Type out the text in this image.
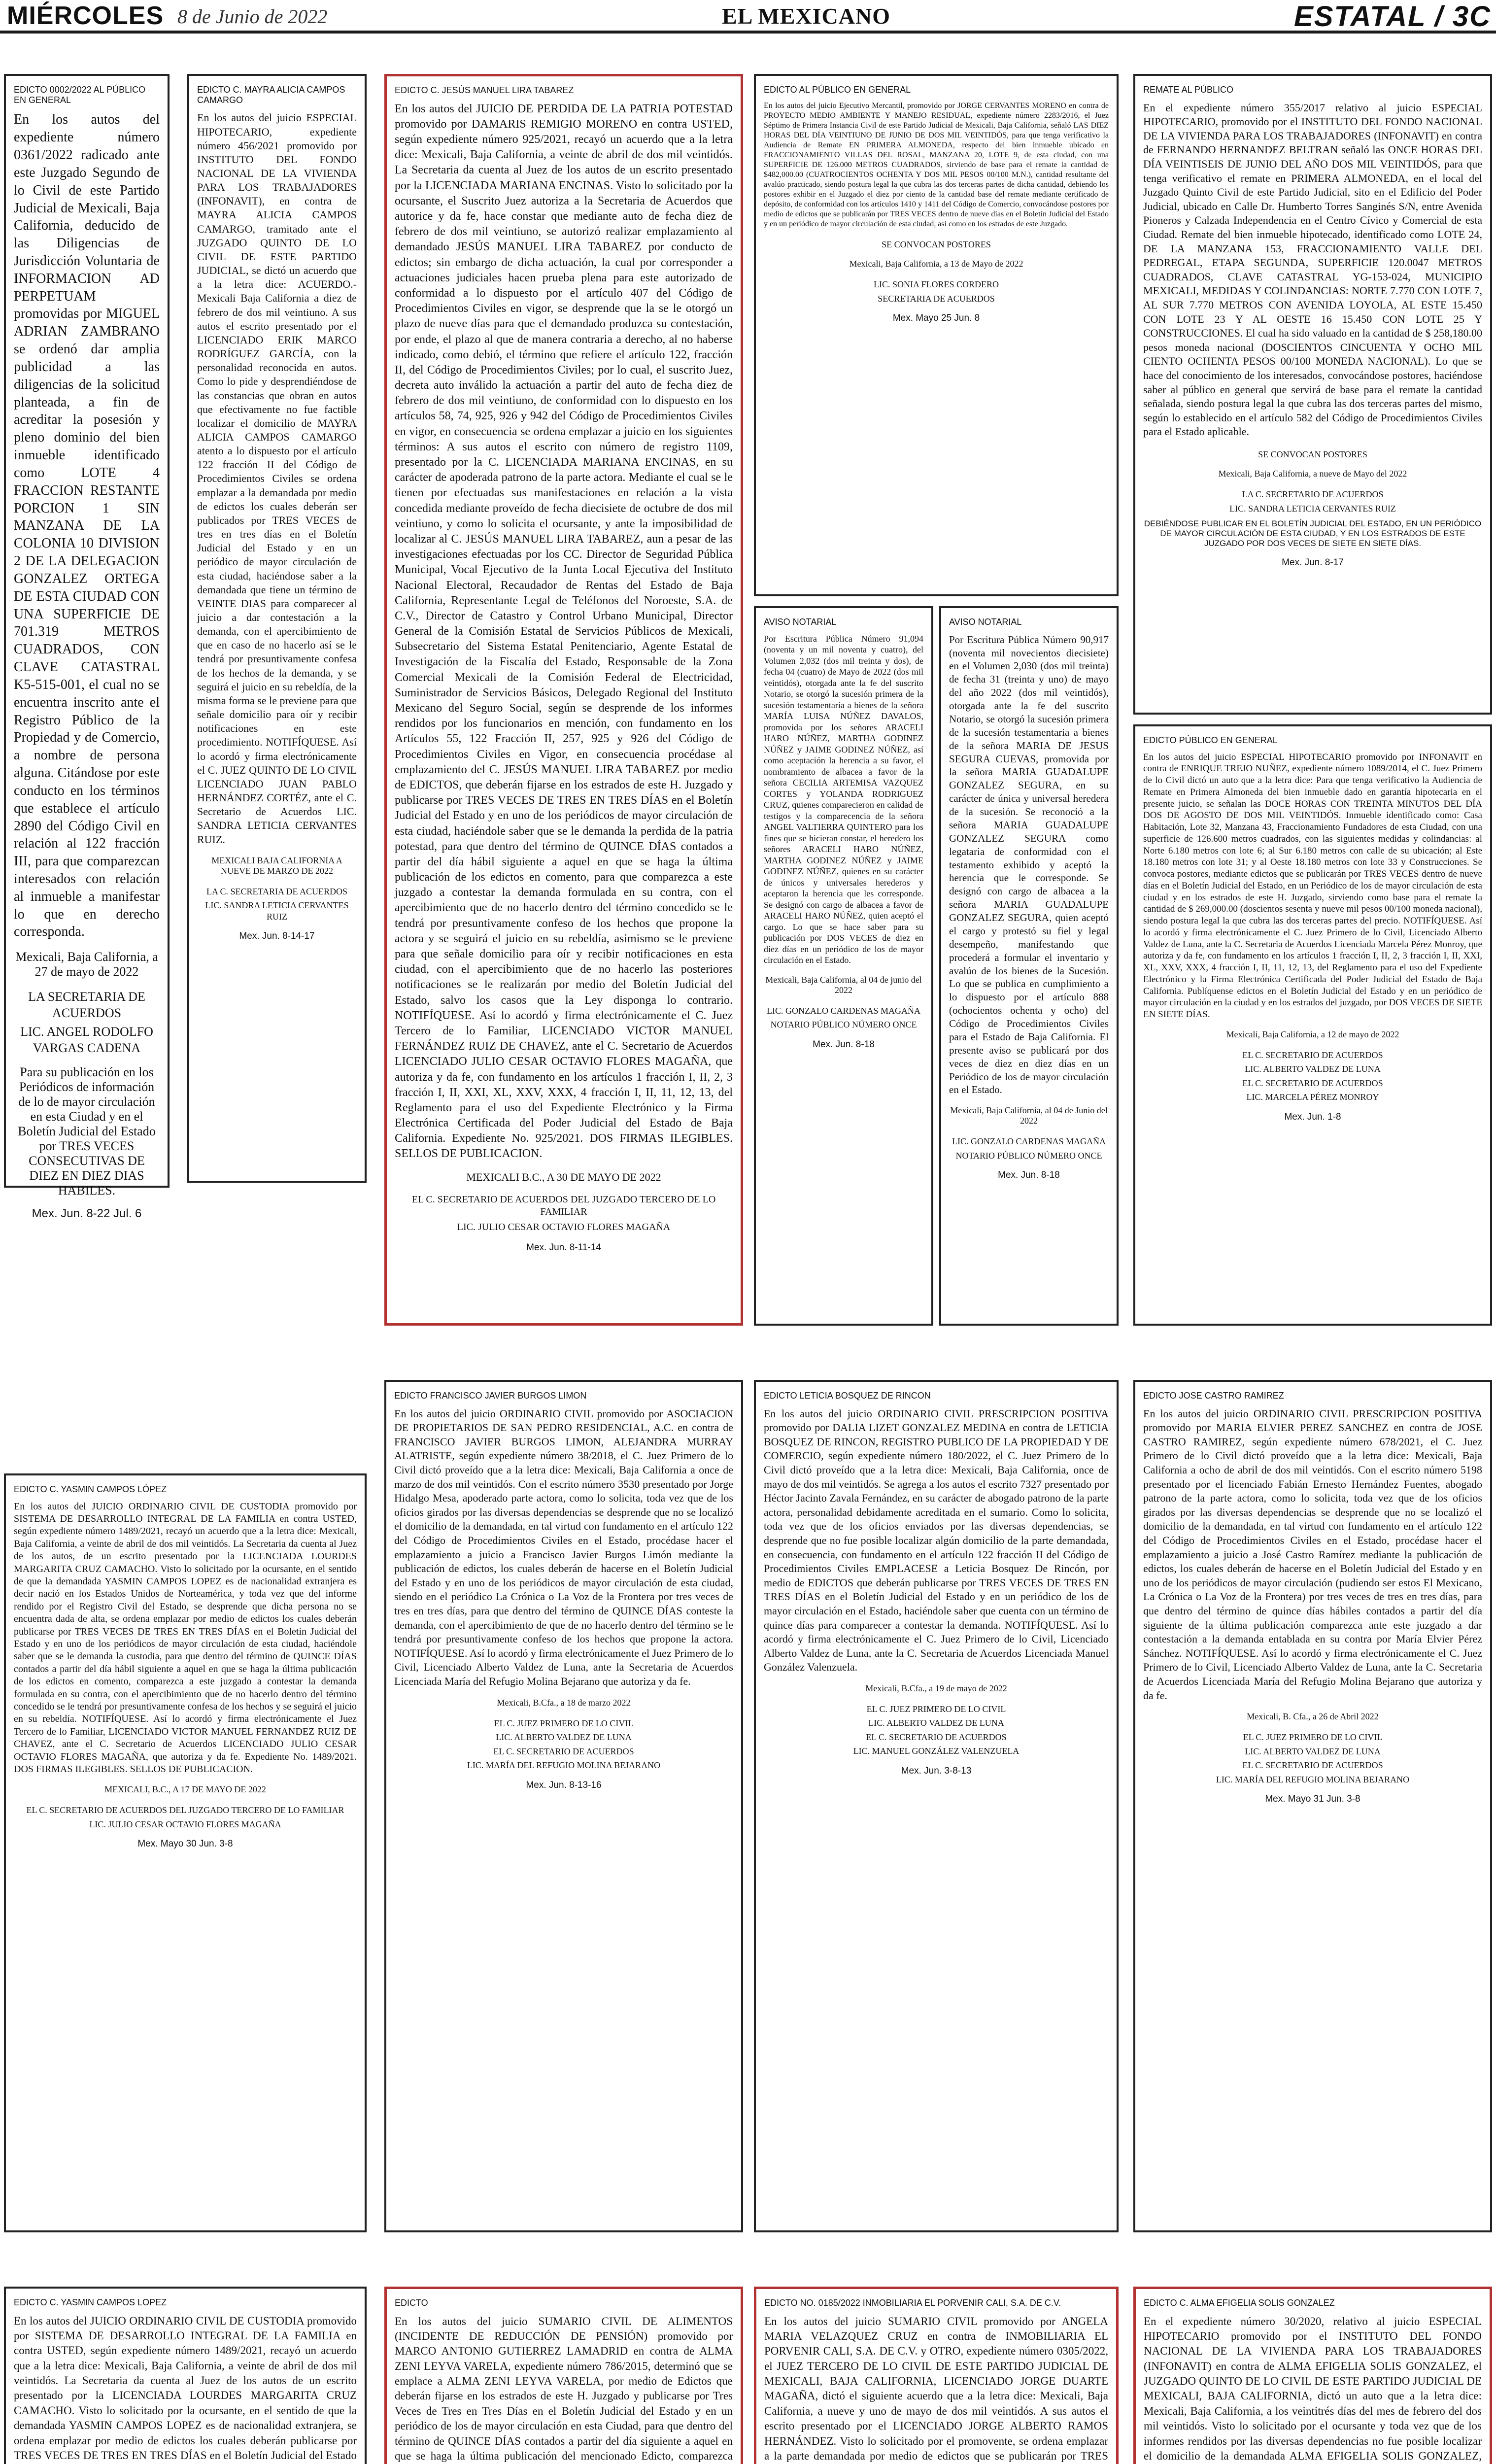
MIÉRCOLES 8 de Junio de 2022	EL MEXICANO	ESTATAL / 3C
EDICTO 0002/2022 AL PÚBLICO EN GENERAL
En los autos del expediente número 0361/2022 radicado ante este Juzgado Segundo de lo Civil de este Partido Judicial de Mexicali, Baja California, deducido de las Diligencias de Jurisdicción Voluntaria de INFORMACION AD PERPETUAM promovidas por MIGUEL ADRIAN ZAMBRANO se ordenó dar amplia publicidad a las diligencias de la solicitud planteada, a fin de acreditar la posesión y pleno dominio del bien inmueble identificado como LOTE 4 FRACCION RESTANTE PORCION 1 SIN MANZANA DE LA COLONIA 10 DIVISION 2 DE LA DELEGACION GONZALEZ ORTEGA DE ESTA CIUDAD CON UNA SUPERFICIE DE 701.319 METROS CUADRADOS, CON CLAVE CATASTRAL K5-515-001, el cual no se encuentra inscrito ante el Registro Público de la Propiedad y de Comercio, a nombre de persona alguna. Citándose por este conducto en los términos que establece el artículo 2890 del Código Civil en relación al 122 fracción III, para que comparezcan interesados con relación al inmueble a manifestar lo que en derecho corresponda.
Mexicali, Baja California, a 27 de mayo de 2022

LA SECRETARIA DE ACUERDOS

LIC. ANGEL RODOLFO VARGAS CADENA

Para su publicación en los Periódicos de información de lo de mayor circulación en esta Ciudad y en el Boletín Judicial del Estado por TRES VECES CONSECUTIVAS DE DIEZ EN DIEZ DIAS HABILES.
Mex. Jun. 8-22 Jul. 6
EDICTO C. MAYRA ALICIA CAMPOS CAMARGO
En los autos del juicio ESPECIAL HIPOTECARIO, expediente número 456/2021 promovido por INSTITUTO DEL FONDO NACIONAL DE LA VIVIENDA PARA LOS TRABAJADORES (INFONAVIT), en contra de MAYRA ALICIA CAMPOS CAMARGO, tramitado ante el JUZGADO QUINTO DE LO CIVIL DE ESTE PARTIDO JUDICIAL, se dictó un acuerdo que a la letra dice: ACUERDO.- Mexicali Baja California a diez de febrero de dos mil veintiuno. A sus autos el escrito presentado por el LICENCIADO ERIK MARCO RODRÍGUEZ GARCÍA, con la personalidad reconocida en autos. Como lo pide y desprendiéndose de las constancias que obran en autos que efectivamente no fue factible localizar el domicilio de MAYRA ALICIA CAMPOS CAMARGO atento a lo dispuesto por el artículo 122 fracción II del Código de Procedimientos Civiles se ordena emplazar a la demandada por medio de edictos los cuales deberán ser publicados por TRES VECES de tres en tres días en el Boletín Judicial del Estado y en un periódico de mayor circulación de esta ciudad, haciéndose saber a la demandada que tiene un término de VEINTE DIAS para comparecer al juicio a dar contestación a la demanda, con el apercibimiento de que en caso de no hacerlo así se le tendrá por presuntivamente confesa de los hechos de la demanda, y se seguirá el juicio en su rebeldía, de la misma forma se le previene para que señale domicilio para oír y recibir notificaciones en este procedimiento. NOTIFÍQUESE. Así lo acordó y firma electrónicamente el C. JUEZ QUINTO DE LO CIVIL LICENCIADO JUAN PABLO HERNÁNDEZ CORTÉZ, ante el C. Secretario de Acuerdos LIC. SANDRA LETICIA CERVANTES RUIZ.
MEXICALI BAJA CALIFORNIA A NUEVE DE MARZO DE 2022

LA C. SECRETARIA DE ACUERDOS

LIC. SANDRA LETICIA CERVANTES RUIZ

Mex. Jun. 8-14-17
EDICTO C. JESÚS MANUEL LIRA TABAREZ
En los autos del JUICIO DE PERDIDA DE LA PATRIA POTESTAD promovido por DAMARIS REMIGIO MORENO en contra USTED, según expediente número 925/2021, recayó un acuerdo que a la letra dice: Mexicali, Baja California, a veinte de abril de dos mil veintidós. La Secretaria da cuenta al Juez de los autos de un escrito presentado por la LICENCIADA MARIANA ENCINAS. Visto lo solicitado por la ocursante, el Suscrito Juez autoriza a la Secretaria de Acuerdos que autorice y da fe, hace constar que mediante auto de fecha diez de febrero de dos mil veintiuno, se autorizó realizar emplazamiento al demandado JESÚS MANUEL LIRA TABAREZ por conducto de edictos; sin embargo de dicha actuación, la cual por corresponder a actuaciones judiciales hacen prueba plena para este autorizado de conformidad a lo dispuesto por el artículo 407 del Código de Procedimientos Civiles en vigor, se desprende que la se le otorgó un plazo de nueve días para que el demandado produzca su contestación, por ende, el plazo al que de manera contraria a derecho, al no haberse indicado, como debió, el término que refiere el artículo 122, fracción II, del Código de Procedimientos Civiles; por lo cual, el suscrito Juez, decreta auto inválido la actuación a partir del auto de fecha diez de febrero de dos mil veintiuno, de conformidad con lo dispuesto en los artículos 58, 74, 925, 926 y 942 del Código de Procedimientos Civiles en vigor, en consecuencia se ordena emplazar a juicio en los siguientes términos: A sus autos el escrito con número de registro 1109, presentado por la C. LICENCIADA MARIANA ENCINAS, en su carácter de apoderada patrono de la parte actora. Mediante el cual se le tienen por efectuadas sus manifestaciones en relación a la vista concedida mediante proveído de fecha diecisiete de octubre de dos mil veintiuno, y como lo solicita el ocursante, y ante la imposibilidad de localizar al C. JESÚS MANUEL LIRA TABAREZ, aun a pesar de las investigaciones efectuadas por los CC. Director de Seguridad Pública Municipal, Vocal Ejecutivo de la Junta Local Ejecutiva del Instituto Nacional Electoral, Recaudador de Rentas del Estado de Baja California, Representante Legal de Teléfonos del Noroeste, S.A. de C.V., Director de Catastro y Control Urbano Municipal, Director General de la Comisión Estatal de Servicios Públicos de Mexicali, Subsecretario del Sistema Estatal Penitenciario, Agente Estatal de Investigación de la Fiscalía del Estado, Responsable de la Zona Comercial Mexicali de la Comisión Federal de Electricidad, Suministrador de Servicios Básicos, Delegado Regional del Instituto Mexicano del Seguro Social, según se desprende de los informes rendidos por los funcionarios en mención, con fundamento en los Artículos 55, 122 Fracción II, 257, 925 y 926 del Código de Procedimientos Civiles en Vigor, en consecuencia procédase al emplazamiento del C. JESÚS MANUEL LIRA TABAREZ por medio de EDICTOS, que deberán fijarse en los estrados de este H. Juzgado y publicarse por TRES VECES DE TRES EN TRES DÍAS en el Boletín Judicial del Estado y en uno de los periódicos de mayor circulación de esta ciudad, haciéndole saber que se le demanda la perdida de la patria potestad, para que dentro del término de QUINCE DÍAS contados a partir del día hábil siguiente a aquel en que se haga la última publicación de los edictos en comento, para que comparezca a este juzgado a contestar la demanda formulada en su contra, con el apercibimiento que de no hacerlo dentro del término concedido se le tendrá por presuntivamente confeso de los hechos que propone la actora y se seguirá el juicio en su rebeldía, asimismo se le previene para que señale domicilio para oír y recibir notificaciones en esta ciudad, con el apercibimiento que de no hacerlo las posteriores notificaciones se le realizarán por medio del Boletín Judicial del Estado, salvo los casos que la Ley disponga lo contrario. NOTIFÍQUESE. Así lo acordó y firma electrónicamente el C. Juez Tercero de lo Familiar, LICENCIADO VICTOR MANUEL FERNÁNDEZ RUIZ DE CHAVEZ, ante el C. Secretario de Acuerdos LICENCIADO JULIO CESAR OCTAVIO FLORES MAGAÑA, que autoriza y da fe, con fundamento en los artículos 1 fracción I, II, 2, 3 fracción I, II, XXI, XL, XXV, XXX, 4 fracción I, II, 11, 12, 13, del Reglamento para el uso del Expediente Electrónico y la Firma Electrónica Certificada del Poder Judicial del Estado de Baja California. Expediente No. 925/2021. DOS FIRMAS ILEGIBLES. SELLOS DE PUBLICACION.
MEXICALI B.C., A 30 DE MAYO DE 2022

EL C. SECRETARIO DE ACUERDOS DEL JUZGADO TERCERO DE LO FAMILIAR

LIC. JULIO CESAR OCTAVIO FLORES MAGAÑA

Mex. Jun. 8-11-14
EDICTO AL PÚBLICO EN GENERAL
En los autos del juicio Ejecutivo Mercantil, promovido por JORGE CERVANTES MORENO en contra de PROYECTO MEDIO AMBIENTE Y MANEJO RESIDUAL, expediente número 2283/2016, el Juez Séptimo de Primera Instancia Civil de este Partido Judicial de Mexicali, Baja California, señaló LAS DIEZ HORAS DEL DÍA VEINTIUNO DE JUNIO DE DOS MIL VEINTIDÓS, para que tenga verificativo la Audiencia de Remate EN PRIMERA ALMONEDA, respecto del bien inmueble ubicado en FRACCIONAMIENTO VILLAS DEL ROSAL, MANZANA 20, LOTE 9, de esta ciudad, con una SUPERFICIE DE 126.000 METROS CUADRADOS, sirviendo de base para el remate la cantidad de $482,000.00 (CUATROCIENTOS OCHENTA Y DOS MIL PESOS 00/100 M.N.), cantidad resultante del avalúo practicado, siendo postura legal la que cubra las dos terceras partes de dicha cantidad, debiendo los postores exhibir en el Juzgado el diez por ciento de la cantidad base del remate mediante certificado de depósito, de conformidad con los artículos 1410 y 1411 del Código de Comercio, convocándose postores por medio de edictos que se publicarán por TRES VECES dentro de nueve días en el Boletín Judicial del Estado y en un periódico de mayor circulación de esta ciudad, así como en los estrados de este Juzgado.

SE CONVOCAN POSTORES

Mexicali, Baja California, a 13 de Mayo de 2022

LIC. SONIA FLORES CORDERO

SECRETARIA DE ACUERDOS

Mex. Mayo 25 Jun. 8
REMATE AL PÚBLICO
En el expediente número 355/2017 relativo al juicio ESPECIAL HIPOTECARIO, promovido por el INSTITUTO DEL FONDO NACIONAL DE LA VIVIENDA PARA LOS TRABAJADORES (INFONAVIT) en contra de FERNANDO HERNANDEZ BELTRAN señaló las ONCE HORAS DEL DÍA VEINTISEIS DE JUNIO DEL AÑO DOS MIL VEINTIDÓS, para que tenga verificativo el remate en PRIMERA ALMONEDA, en el local del Juzgado Quinto Civil de este Partido Judicial, sito en el Edificio del Poder Judicial, ubicado en Calle Dr. Humberto Torres Sanginés S/N, entre Avenida Pioneros y Calzada Independencia en el Centro Cívico y Comercial de esta Ciudad. Remate del bien inmueble hipotecado, identificado como LOTE 24, DE LA MANZANA 153, FRACCIONAMIENTO VALLE DEL PEDREGAL, ETAPA SEGUNDA, SUPERFICIE 120.0047 METROS CUADRADOS, CLAVE CATASTRAL YG-153-024, MUNICIPIO MEXICALI, MEDIDAS Y COLINDANCIAS: NORTE 7.770 CON LOTE 7, AL SUR 7.770 METROS CON AVENIDA LOYOLA, AL ESTE 15.450 CON LOTE 23 Y AL OESTE 16 15.450 CON LOTE 25 Y CONSTRUCCIONES. El cual ha sido valuado en la cantidad de $ 258,180.00 pesos moneda nacional (DOSCIENTOS CINCUENTA Y OCHO MIL CIENTO OCHENTA PESOS 00/100 MONEDA NACIONAL). Lo que se hace del conocimiento de los interesados, convocándose postores, haciéndose saber al público en general que servirá de base para el remate la cantidad señalada, siendo postura legal la que cubra las dos terceras partes del mismo, según lo establecido en el artículo 582 del Código de Procedimientos Civiles para el Estado aplicable.

SE CONVOCAN POSTORES

Mexicali, Baja California, a nueve de Mayo del 2022

LA C. SECRETARIO DE ACUERDOS

LIC. SANDRA LETICIA CERVANTES RUIZ

DEBIÉNDOSE PUBLICAR EN EL BOLETÍN JUDICIAL DEL ESTADO, EN UN PERIÓDICO DE MAYOR CIRCULACIÓN DE ESTA CIUDAD, Y EN LOS ESTRADOS DE ESTE JUZGADO POR DOS VECES DE SIETE EN SIETE DÍAS.
Mex. Jun. 8-17
AVISO NOTARIAL
Por Escritura Pública Número 91,094 (noventa y un mil noventa y cuatro), del Volumen 2,032 (dos mil treinta y dos), de fecha 04 (cuatro) de Mayo de 2022 (dos mil veintidós), otorgada ante la fe del suscrito Notario, se otorgó la sucesión primera de la sucesión testamentaria a bienes de la señora MARÍA LUISA NÚÑEZ DAVALOS, promovida por los señores ARACELI HARO NÚÑEZ, MARTHA GODINEZ NÚÑEZ y JAIME GODINEZ NÚÑEZ, así como aceptación la herencia a su favor, el nombramiento de albacea a favor de la señora CECILIA ARTEMISA VAZQUEZ CORTES y YOLANDA RODRIGUEZ CRUZ, quienes comparecieron en calidad de testigos y la comparecencia de la señora ANGEL VALTIERRA QUINTERO para los fines que se hicieran constar, el heredero los señores ARACELI HARO NÚÑEZ, MARTHA GODINEZ NÚÑEZ y JAIME GODINEZ NÚÑEZ, quienes en su carácter de únicos y universales herederos y aceptaron la herencia que les corresponde. Se designó con cargo de albacea a favor de ARACELI HARO NÚÑEZ, quien aceptó el cargo. Lo que se hace saber para su publicación por DOS VECES de diez en diez días en un periódico de los de mayor circulación en el Estado.
Mexicali, Baja California, al 04 de junio del 2022

LIC. GONZALO CARDENAS MAGAÑA

NOTARIO PÚBLICO NÚMERO ONCE

Mex. Jun. 8-18
AVISO NOTARIAL
Por Escritura Pública Número 90,917 (noventa mil novecientos diecisiete) en el Volumen 2,030 (dos mil treinta) de fecha 31 (treinta y uno) de mayo del año 2022 (dos mil veintidós), otorgada ante la fe del suscrito Notario, se otorgó la sucesión primera de la sucesión testamentaria a bienes de la señora MARIA DE JESUS SEGURA CUEVAS, promovida por la señora MARIA GUADALUPE GONZALEZ SEGURA, en su carácter de única y universal heredera de la sucesión. Se reconoció a la señora MARIA GUADALUPE GONZALEZ SEGURA como legataria de conformidad con el testamento exhibido y aceptó la herencia que le corresponde. Se designó con cargo de albacea a la señora MARIA GUADALUPE GONZALEZ SEGURA, quien aceptó el cargo y protestó su fiel y legal desempeño, manifestando que procederá a formular el inventario y avalúo de los bienes de la Sucesión. Lo que se publica en cumplimiento a lo dispuesto por el artículo 888 (ochocientos ochenta y ocho) del Código de Procedimientos Civiles para el Estado de Baja California. El presente aviso se publicará por dos veces de diez en diez días en un Periódico de los de mayor circulación en el Estado.
Mexicali, Baja California, al 04 de Junio del 2022

LIC. GONZALO CARDENAS MAGAÑA

NOTARIO PÚBLICO NÚMERO ONCE

Mex. Jun. 8-18
EDICTO PÚBLICO EN GENERAL
En los autos del juicio ESPECIAL HIPOTECARIO promovido por INFONAVIT en contra de ENRIQUE TREJO NUÑEZ, expediente número 1089/2014, el C. Juez Primero de lo Civil dictó un auto que a la letra dice: Para que tenga verificativo la Audiencia de Remate en Primera Almoneda del bien inmueble dado en garantía hipotecaria en el presente juicio, se señalan las DOCE HORAS CON TREINTA MINUTOS DEL DÍA DOS DE AGOSTO DE DOS MIL VEINTIDÓS. Inmueble identificado como: Casa Habitación, Lote 32, Manzana 43, Fraccionamiento Fundadores de esta Ciudad, con una superficie de 126.600 metros cuadrados, con las siguientes medidas y colindancias: al Norte 6.180 metros con lote 6; al Sur 6.180 metros con calle de su ubicación; al Este 18.180 metros con lote 31; y al Oeste 18.180 metros con lote 33 y Construcciones. Se convoca postores, mediante edictos que se publicarán por TRES VECES dentro de nueve días en el Boletín Judicial del Estado, en un Periódico de los de mayor circulación de esta ciudad y en los estrados de este H. Juzgado, sirviendo como base para el remate la cantidad de $ 269,000.00 (doscientos sesenta y nueve mil pesos 00/100 moneda nacional), siendo postura legal la que cubra las dos terceras partes del precio. NOTIFÍQUESE. Así lo acordó y firma electrónicamente el C. Juez Primero de lo Civil, Licenciado Alberto Valdez de Luna, ante la C. Secretaria de Acuerdos Licenciada Marcela Pérez Monroy, que autoriza y da fe, con fundamento en los artículos 1 fracción I, II, 2, 3 fracción I, II, XXI, XL, XXV, XXX, 4 fracción I, II, 11, 12, 13, del Reglamento para el uso del Expediente Electrónico y la Firma Electrónica Certificada del Poder Judicial del Estado de Baja California. Publíquense edictos en el Boletín Judicial del Estado y en un periódico de mayor circulación en la ciudad y en los estrados del juzgado, por DOS VECES DE SIETE EN SIETE DÍAS.
Mexicali, Baja California, a 12 de mayo de 2022

EL C. SECRETARIO DE ACUERDOS

LIC. ALBERTO VALDEZ DE LUNA

EL C. SECRETARIO DE ACUERDOS

LIC. MARCELA PÉREZ MONROY

Mex. Jun. 1-8
EDICTO C. YASMIN CAMPOS LÓPEZ
En los autos del JUICIO ORDINARIO CIVIL DE CUSTODIA promovido por SISTEMA DE DESARROLLO INTEGRAL DE LA FAMILIA en contra USTED, según expediente número 1489/2021, recayó un acuerdo que a la letra dice: Mexicali, Baja California, a veinte de abril de dos mil veintidós. La Secretaria da cuenta al Juez de los autos, de un escrito presentado por la LICENCIADA LOURDES MARGARITA CRUZ CAMACHO. Visto lo solicitado por la ocursante, en el sentido de que la demandada YASMIN CAMPOS LOPEZ es de nacionalidad extranjera es decir nació en los Estados Unidos de Norteamérica, y toda vez que del informe rendido por el Registro Civil del Estado, se desprende que dicha persona no se encuentra dada de alta, se ordena emplazar por medio de edictos los cuales deberán publicarse por TRES VECES DE TRES EN TRES DÍAS en el Boletín Judicial del Estado y en uno de los periódicos de mayor circulación de esta ciudad, haciéndole saber que se le demanda la custodia, para que dentro del término de QUINCE DÍAS contados a partir del día hábil siguiente a aquel en que se haga la última publicación de los edictos en comento, comparezca a este juzgado a contestar la demanda formulada en su contra, con el apercibimiento que de no hacerlo dentro del término concedido se le tendrá por presuntivamente confesa de los hechos y se seguirá el juicio en su rebeldía. NOTIFÍQUESE. Así lo acordó y firma electrónicamente el Juez Tercero de lo Familiar, LICENCIADO VICTOR MANUEL FERNANDEZ RUIZ DE CHAVEZ, ante el C. Secretario de Acuerdos LICENCIADO JULIO CESAR OCTAVIO FLORES MAGAÑA, que autoriza y da fe. Expediente No. 1489/2021. DOS FIRMAS ILEGIBLES. SELLOS DE PUBLICACION.
MEXICALI, B.C., A 17 DE MAYO DE 2022

EL C. SECRETARIO DE ACUERDOS DEL JUZGADO TERCERO DE LO FAMILIAR

LIC. JULIO CESAR OCTAVIO FLORES MAGAÑA

Mex. Mayo 30 Jun. 3-8
EDICTO FRANCISCO JAVIER BURGOS LIMON
En los autos del juicio ORDINARIO CIVIL promovido por ASOCIACION DE PROPIETARIOS DE SAN PEDRO RESIDENCIAL, A.C. en contra de FRANCISCO JAVIER BURGOS LIMON, ALEJANDRA MURRAY ALATRISTE, según expediente número 38/2018, el C. Juez Primero de lo Civil dictó proveído que a la letra dice: Mexicali, Baja California a once de marzo de dos mil veintidós. Con el escrito número 3530 presentado por Jorge Hidalgo Mesa, apoderado parte actora, como lo solicita, toda vez que de los oficios girados por las diversas dependencias se desprende que no se localizó el domicilio de la demandada, en tal virtud con fundamento en el artículo 122 del Código de Procedimientos Civiles en el Estado, procédase hacer el emplazamiento a juicio a Francisco Javier Burgos Limón mediante la publicación de edictos, los cuales deberán de hacerse en el Boletín Judicial del Estado y en uno de los periódicos de mayor circulación de esta ciudad, siendo en el periódico La Crónica o La Voz de la Frontera por tres veces de tres en tres días, para que dentro del término de QUINCE DÍAS conteste la demanda, con el apercibimiento de que de no hacerlo dentro del término se le tendrá por presuntivamente confeso de los hechos que propone la actora. NOTIFÍQUESE. Así lo acordó y firma electrónicamente el Juez Primero de lo Civil, Licenciado Alberto Valdez de Luna, ante la Secretaria de Acuerdos Licenciada María del Refugio Molina Bejarano que autoriza y da fe.
Mexicali, B.Cfa., a 18 de marzo 2022

EL C. JUEZ PRIMERO DE LO CIVIL

LIC. ALBERTO VALDEZ DE LUNA

EL C. SECRETARIO DE ACUERDOS

LIC. MARÍA DEL REFUGIO MOLINA BEJARANO

Mex. Jun. 8-13-16
EDICTO LETICIA BOSQUEZ DE RINCON
En los autos del juicio ORDINARIO CIVIL PRESCRIPCION POSITIVA promovido por DALIA LIZET GONZALEZ MEDINA en contra de LETICIA BOSQUEZ DE RINCON, REGISTRO PUBLICO DE LA PROPIEDAD Y DE COMERCIO, según expediente número 180/2022, el C. Juez Primero de lo Civil dictó proveído que a la letra dice: Mexicali, Baja California, once de mayo de dos mil veintidós. Se agrega a los autos el escrito 7327 presentado por Héctor Jacinto Zavala Fernández, en su carácter de abogado patrono de la parte actora, personalidad debidamente acreditada en el sumario. Como lo solicita, toda vez que de los oficios enviados por las diversas dependencias, se desprende que no fue posible localizar algún domicilio de la parte demandada, en consecuencia, con fundamento en el artículo 122 fracción II del Código de Procedimientos Civiles EMPLACESE a Leticia Bosquez De Rincón, por medio de EDICTOS que deberán publicarse por TRES VECES DE TRES EN TRES DÍAS en el Boletín Judicial del Estado y en un periódico de los de mayor circulación en el Estado, haciéndole saber que cuenta con un término de quince días para comparecer a contestar la demanda. NOTIFÍQUESE. Así lo acordó y firma electrónicamente el C. Juez Primero de lo Civil, Licenciado Alberto Valdez de Luna, ante la C. Secretaria de Acuerdos Licenciada Manuel González Valenzuela.
Mexicali, B.Cfa., a 19 de mayo de 2022

EL C. JUEZ PRIMERO DE LO CIVIL

LIC. ALBERTO VALDEZ DE LUNA

EL C. SECRETARIO DE ACUERDOS

LIC. MANUEL GONZÁLEZ VALENZUELA

Mex. Jun. 3-8-13
EDICTO JOSE CASTRO RAMIREZ
En los autos del juicio ORDINARIO CIVIL PRESCRIPCION POSITIVA promovido por MARIA ELVIER PEREZ SANCHEZ en contra de JOSE CASTRO RAMIREZ, según expediente número 678/2021, el C. Juez Primero de lo Civil dictó proveído que a la letra dice: Mexicali, Baja California a ocho de abril de dos mil veintidós. Con el escrito número 5198 presentado por el licenciado Fabián Ernesto Hernández Fuentes, abogado patrono de la parte actora, como lo solicita, toda vez que de los oficios girados por las diversas dependencias se desprende que no se localizó el domicilio de la demandada, en tal virtud con fundamento en el artículo 122 del Código de Procedimientos Civiles en el Estado, procédase hacer el emplazamiento a juicio a José Castro Ramírez mediante la publicación de edictos, los cuales deberán de hacerse en el Boletín Judicial del Estado y en uno de los periódicos de mayor circulación (pudiendo ser estos El Mexicano, La Crónica o La Voz de la Frontera) por tres veces de tres en tres días, para que dentro del término de quince días hábiles contados a partir del día siguiente de la última publicación comparezca ante este juzgado a dar contestación a la demanda entablada en su contra por María Elvier Pérez Sánchez. NOTIFÍQUESE. Así lo acordó y firma electrónicamente el C. Juez Primero de lo Civil, Licenciado Alberto Valdez de Luna, ante la C. Secretaria de Acuerdos Licenciada María del Refugio Molina Bejarano que autoriza y da fe.
Mexicali, B. Cfa., a 26 de Abril 2022

EL C. JUEZ PRIMERO DE LO CIVIL

LIC. ALBERTO VALDEZ DE LUNA

EL C. SECRETARIO DE ACUERDOS

LIC. MARÍA DEL REFUGIO MOLINA BEJARANO

Mex. Mayo 31 Jun. 3-8
EDICTO C. YASMIN CAMPOS LOPEZ
En los autos del JUICIO ORDINARIO CIVIL DE CUSTODIA promovido por SISTEMA DE DESARROLLO INTEGRAL DE LA FAMILIA en contra USTED, según expediente número 1489/2021, recayó un acuerdo que a la letra dice: Mexicali, Baja California, a veinte de abril de dos mil veintidós. La Secretaria da cuenta al Juez de los autos de un escrito presentado por la LICENCIADA LOURDES MARGARITA CRUZ CAMACHO. Visto lo solicitado por la ocursante, en el sentido de que la demandada YASMIN CAMPOS LOPEZ es de nacionalidad extranjera, se ordena emplazar por medio de edictos los cuales deberán publicarse por TRES VECES DE TRES EN TRES DÍAS en el Boletín Judicial del Estado

EDICTO
En los autos del juicio SUMARIO CIVIL DE ALIMENTOS (INCIDENTE DE REDUCCIÓN DE PENSIÓN) promovido por MARCO ANTONIO GUTIERREZ LAMADRID en contra de ALMA ZENI LEYVA VARELA, expediente número 786/2015, determinó que se emplace a ALMA ZENI LEYVA VARELA, por medio de Edictos que deberán fijarse en los estrados de este H. Juzgado y publicarse por Tres Veces de Tres en Tres Días en el Boletín Judicial del Estado y en un periódico de los de mayor circulación en esta Ciudad, para que dentro del término de QUINCE DÍAS contados a partir del día siguiente a aquel en que se haga la última publicación del mencionado Edicto, comparezca

EDICTO NO. 0185/2022 INMOBILIARIA EL PORVENIR CALI, S.A. DE C.V.
En los autos del juicio SUMARIO CIVIL promovido por ANGELA MARIA VELAZQUEZ CRUZ en contra de INMOBILIARIA EL PORVENIR CALI, S.A. DE C.V. y OTRO, expediente número 0305/2022, el JUEZ TERCERO DE LO CIVIL DE ESTE PARTIDO JUDICIAL DE MEXICALI, BAJA CALIFORNIA, LICENCIADO JORGE DUARTE MAGAÑA, dictó el siguiente acuerdo que a la letra dice: Mexicali, Baja California, a nueve y uno de mayo de dos mil veintidós. A sus autos el escrito presentado por el LICENCIADO JORGE ALBERTO RAMOS HERNÁNDEZ. Visto lo solicitado por el promovente, se ordena emplazar a la parte demandada por medio de edictos que se publicarán por TRES

EDICTO C. ALMA EFIGELIA SOLIS GONZALEZ
En el expediente número 30/2020, relativo al juicio ESPECIAL HIPOTECARIO promovido por el INSTITUTO DEL FONDO NACIONAL DE LA VIVIENDA PARA LOS TRABAJADORES (INFONAVIT) en contra de ALMA EFIGELIA SOLIS GONZALEZ, el JUZGADO QUINTO DE LO CIVIL DE ESTE PARTIDO JUDICIAL DE MEXICALI, BAJA CALIFORNIA, dictó un auto que a la letra dice: Mexicali, Baja California, a los veintitrés días del mes de febrero del dos mil veintidós. Visto lo solicitado por el ocursante y toda vez que de los informes rendidos por las diversas dependencias no fue posible localizar el domicilio de la demandada ALMA EFIGELIA SOLIS GONZALEZ,
